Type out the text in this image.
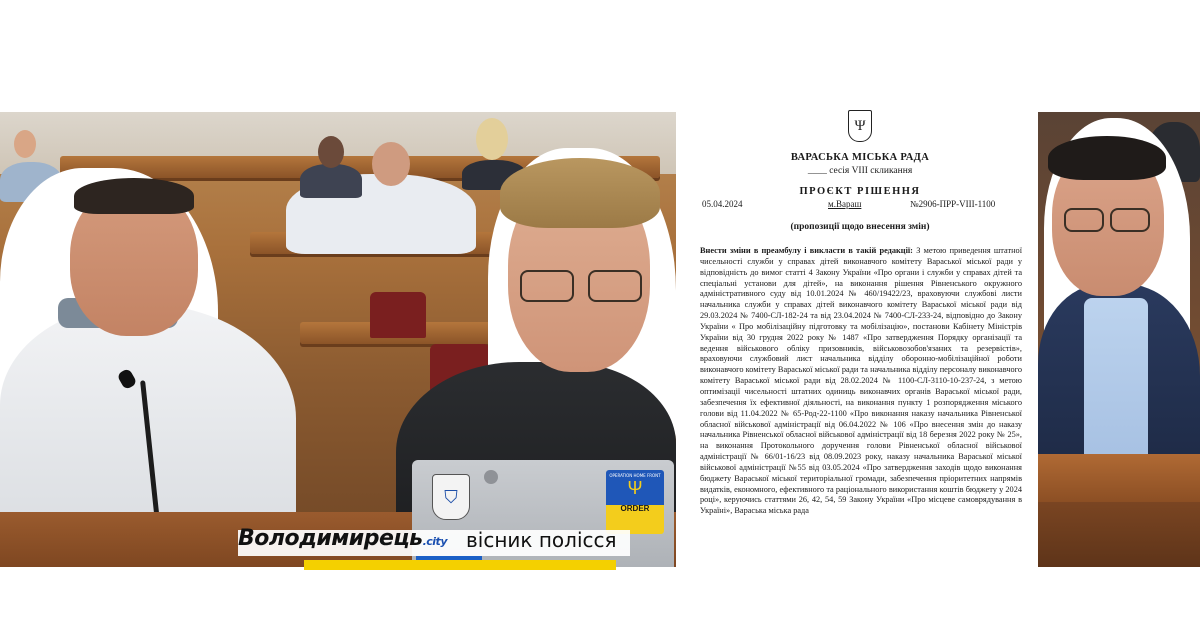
⛉
OPERATION HOME FRONT
Ψ
ORDER
Володимирець.city вісник полісся
Ψ
ВАРАСЬКА МІСЬКА РАДА
____ сесія VIII скликання
ПРОЄКТ РІШЕННЯ
05.04.2024	м.Вараш	№2906-ПРР-VIII-1100
(пропозиції щодо внесення змін)
Внести зміни в преамбулу і викласти в такій редакції: З метою приведення штатної чисельності служби у справах дітей виконавчого комітету Вараської міської ради у відповідність до вимог статті 4 Закону України «Про органи і служби у справах дітей та спеціальні установи для дітей», на виконання рішення Рівненського окружного адміністративного суду від 10.01.2024 № 460/19422/23, враховуючи службові листи начальника служби у справах дітей виконавчого комітету Вараської міської ради від 29.03.2024 № 7400-СЛ-182-24 та від 23.04.2024 № 7400-СЛ-233-24, відповідно до Закону України « Про мобілізаційну підготовку та мобілізацію», постанови Кабінету Міністрів України від 30 грудня 2022 року № 1487 «Про затвердження Порядку організації та ведення військового обліку призовників, військовозобов'язаних та резервістів», враховуючи службовий лист начальника відділу оборонно-мобілізаційної роботи виконавчого комітету Вараської міської ради та начальника відділу персоналу виконавчого комітету Вараської міської ради від 28.02.2024 № 1100-СЛ-3110-10-237-24, з метою оптимізації чисельності штатних одиниць виконавчих органів Вараської міської ради, забезпечення їх ефективної діяльності, на виконання пункту 1 розпорядження міського голови від 11.04.2022 № 65-Род-22-1100 «Про виконання наказу начальника Рівненської обласної військової адміністрації від 06.04.2022 № 106 «Про внесення змін до наказу начальника Рівненської обласної військової адміністрації від 18 березня 2022 року № 25», на виконання Протокольного доручення голови Рівненської обласної військової адміністрації № 66/01-16/23 від 08.09.2023 року, наказу начальника Вараської міської військової адміністрації №55 від 03.05.2024 «Про затвердження заходів щодо виконання бюджету Вараської міської територіальної громади, забезпечення пріоритетних напрямів видатків, економного, ефективного та раціонального використання коштів бюджету у 2024 році», керуючись статтями 26, 42, 54, 59 Закону України «Про місцеве самоврядування в Україні», Вараська міська рада
